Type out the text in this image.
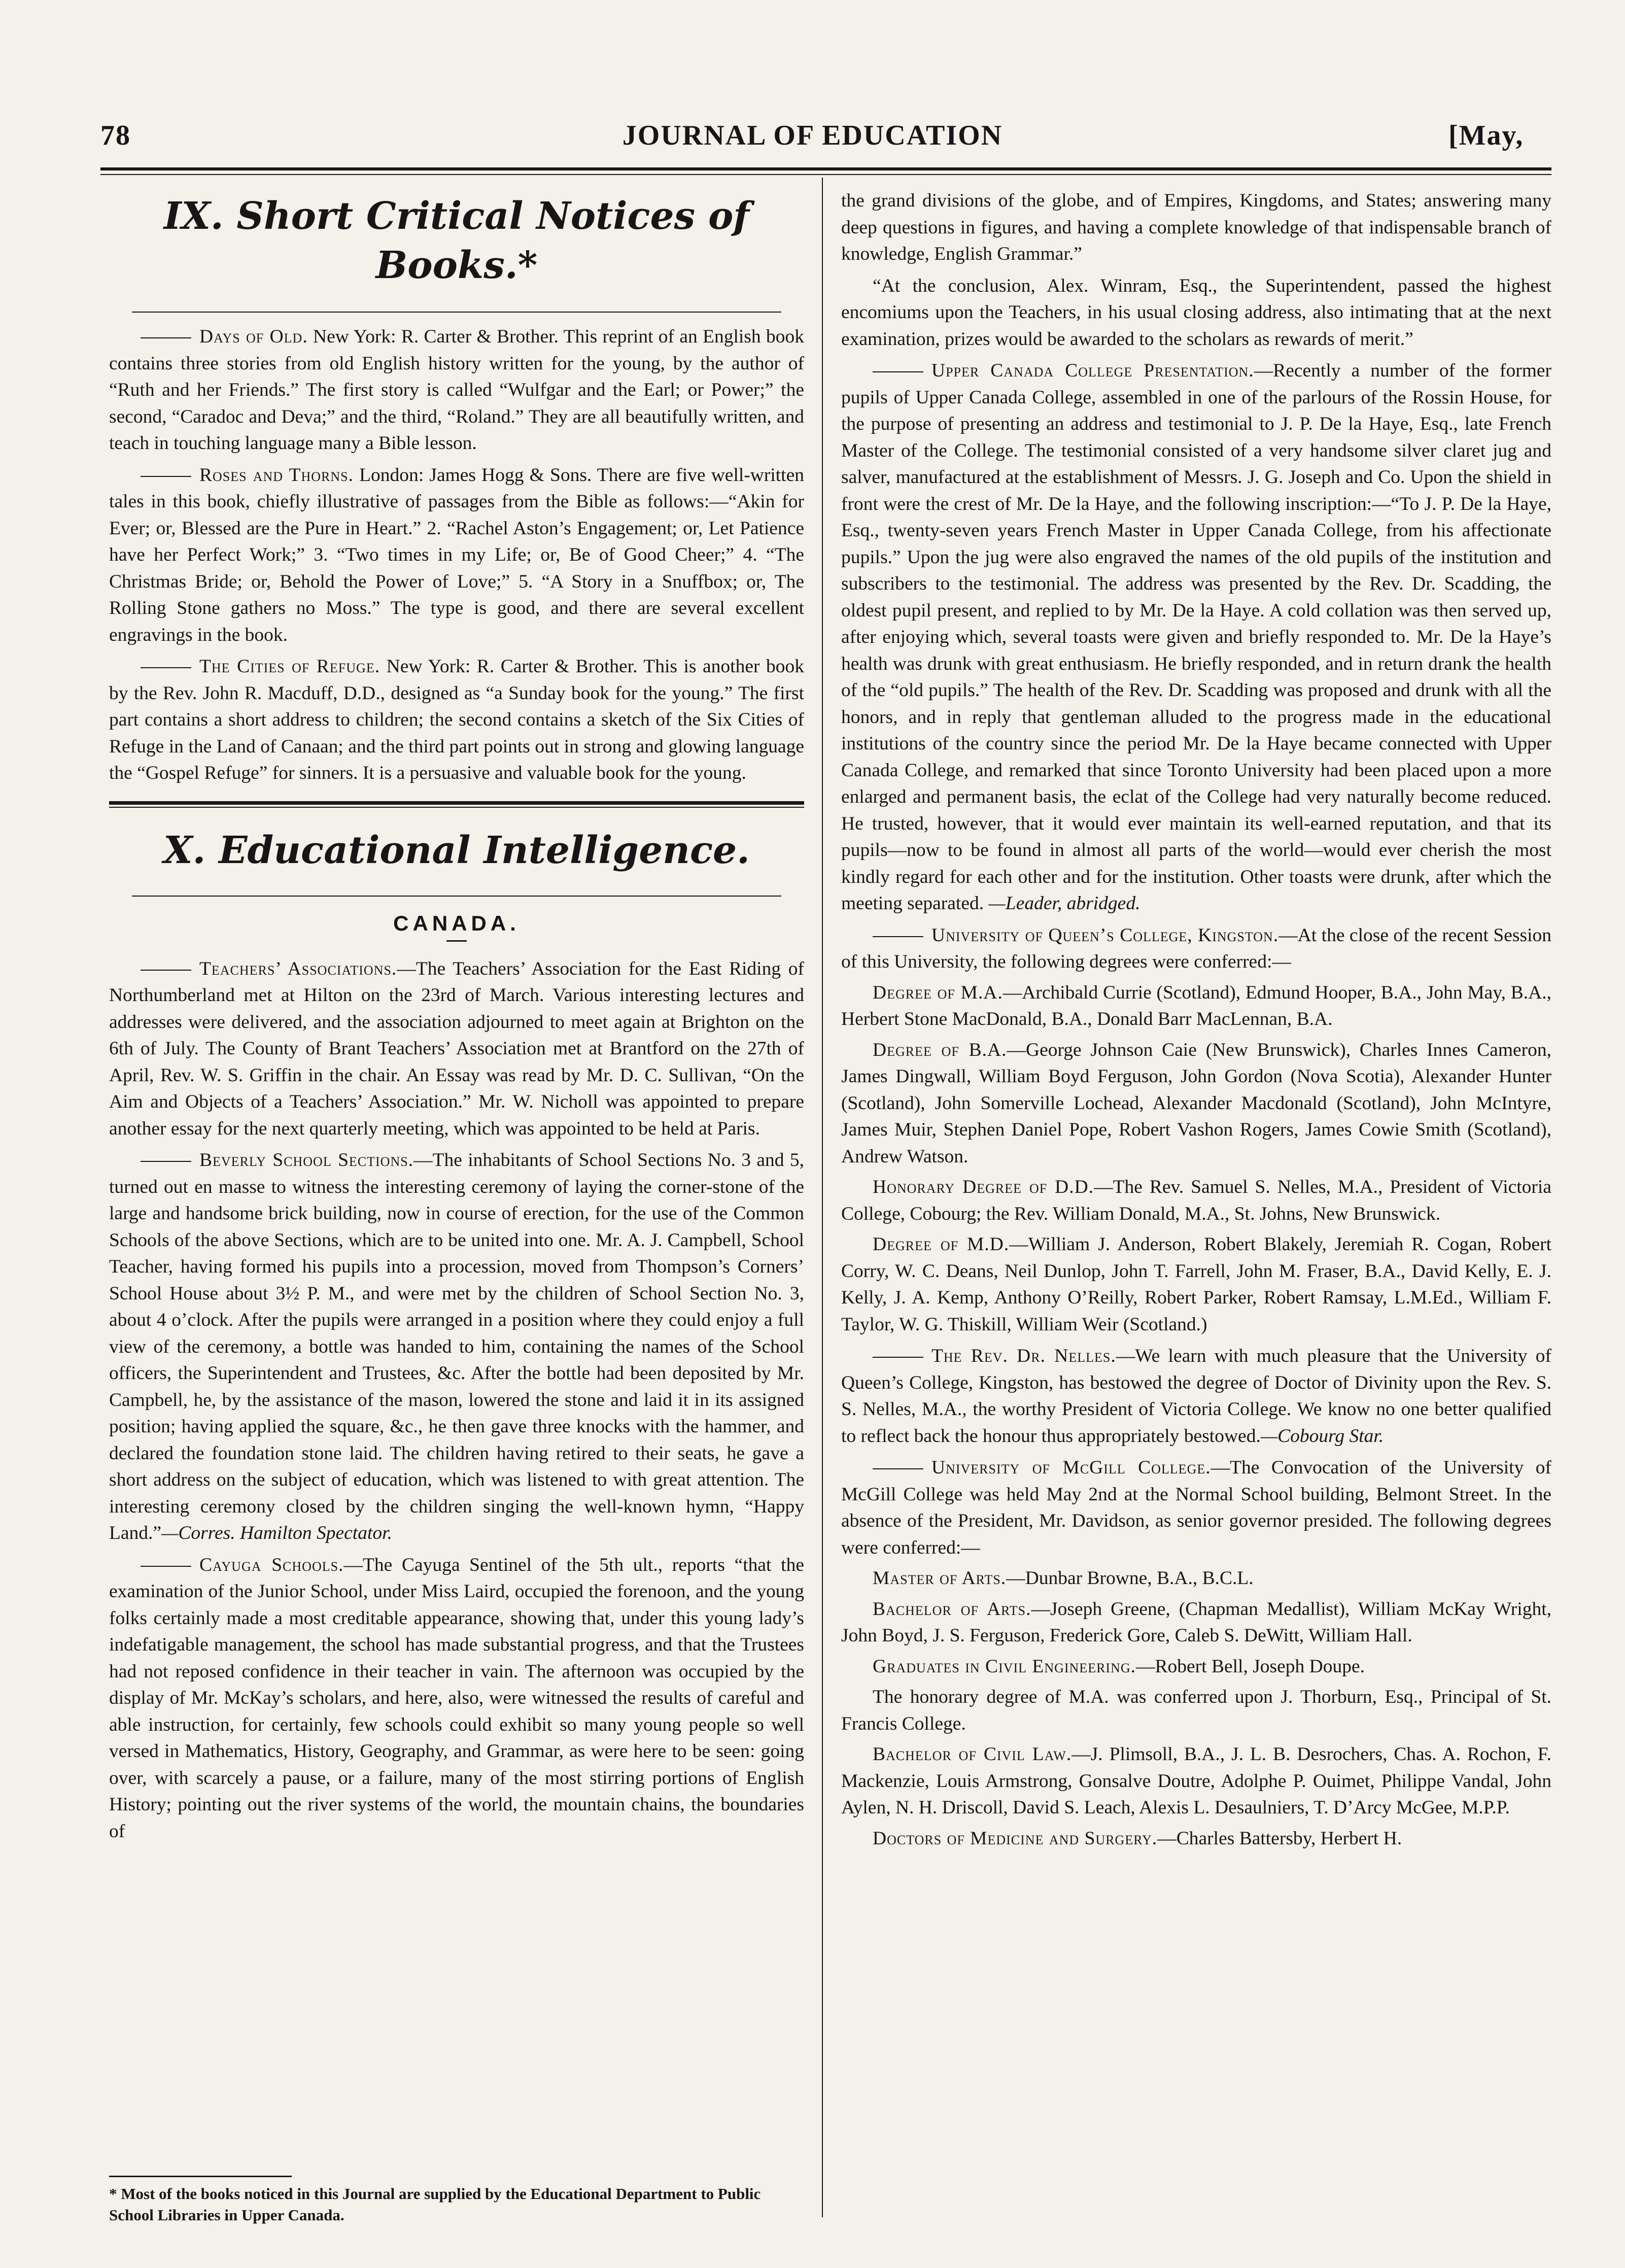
78	JOURNAL OF EDUCATION	[May,
IX. Short Critical Notices of Books.*

Days of Old. New York: R. Carter & Brother. This reprint of an English book contains three stories from old English history written for the young, by the author of “Ruth and her Friends.” The first story is called “Wulfgar and the Earl; or Power;” the second, “Caradoc and Deva;” and the third, “Roland.” They are all beautifully written, and teach in touching language many a Bible lesson.

Roses and Thorns. London: James Hogg & Sons. There are five well-written tales in this book, chiefly illustrative of passages from the Bible as follows:—“Akin for Ever; or, Blessed are the Pure in Heart.” 2. “Rachel Aston’s Engagement; or, Let Patience have her Perfect Work;” 3. “Two times in my Life; or, Be of Good Cheer;” 4. “The Christmas Bride; or, Behold the Power of Love;” 5. “A Story in a Snuffbox; or, The Rolling Stone gathers no Moss.” The type is good, and there are several excellent engravings in the book.

The Cities of Refuge. New York: R. Carter & Brother. This is another book by the Rev. John R. Macduff, D.D., designed as “a Sunday book for the young.” The first part contains a short address to children; the second contains a sketch of the Six Cities of Refuge in the Land of Canaan; and the third part points out in strong and glowing language the “Gospel Refuge” for sinners. It is a persuasive and valuable book for the young.

X. Educational Intelligence.
CANADA.

Teachers’ Associations.—The Teachers’ Association for the East Riding of Northumberland met at Hilton on the 23rd of March. Various interesting lectures and addresses were delivered, and the association adjourned to meet again at Brighton on the 6th of July. The County of Brant Teachers’ Association met at Brantford on the 27th of April, Rev. W. S. Griffin in the chair. An Essay was read by Mr. D. C. Sullivan, “On the Aim and Objects of a Teachers’ Association.” Mr. W. Nicholl was appointed to prepare another essay for the next quarterly meeting, which was appointed to be held at Paris.

Beverly School Sections.—The inhabitants of School Sections No. 3 and 5, turned out en masse to witness the interesting ceremony of laying the corner-stone of the large and handsome brick building, now in course of erection, for the use of the Common Schools of the above Sections, which are to be united into one. Mr. A. J. Campbell, School Teacher, having formed his pupils into a procession, moved from Thompson’s Corners’ School House about 3½ P. M., and were met by the children of School Section No. 3, about 4 o’clock. After the pupils were arranged in a position where they could enjoy a full view of the ceremony, a bottle was handed to him, containing the names of the School officers, the Superintendent and Trustees, &c. After the bottle had been deposited by Mr. Campbell, he, by the assistance of the mason, lowered the stone and laid it in its assigned position; having applied the square, &c., he then gave three knocks with the hammer, and declared the foundation stone laid. The children having retired to their seats, he gave a short address on the subject of education, which was listened to with great attention. The interesting ceremony closed by the children singing the well-known hymn, “Happy Land.”—Corres. Hamilton Spectator.

Cayuga Schools.—The Cayuga Sentinel of the 5th ult., reports “that the examination of the Junior School, under Miss Laird, occupied the forenoon, and the young folks certainly made a most creditable appearance, showing that, under this young lady’s indefatigable management, the school has made substantial progress, and that the Trustees had not reposed confidence in their teacher in vain. The afternoon was occupied by the display of Mr. McKay’s scholars, and here, also, were witnessed the results of careful and able instruction, for certainly, few schools could exhibit so many young people so well versed in Mathematics, History, Geography, and Grammar, as were here to be seen: going over, with scarcely a pause, or a failure, many of the most stirring portions of English History; pointing out the river systems of the world, the mountain chains, the boundaries of

* Most of the books noticed in this Journal are supplied by the Educational Department to Public School Libraries in Upper Canada.

the grand divisions of the globe, and of Empires, Kingdoms, and States; answering many deep questions in figures, and having a complete knowledge of that indispensable branch of knowledge, English Grammar.”

“At the conclusion, Alex. Winram, Esq., the Superintendent, passed the highest encomiums upon the Teachers, in his usual closing address, also intimating that at the next examination, prizes would be awarded to the scholars as rewards of merit.”

Upper Canada College Presentation.—Recently a number of the former pupils of Upper Canada College, assembled in one of the parlours of the Rossin House, for the purpose of presenting an address and testimonial to J. P. De la Haye, Esq., late French Master of the College. The testimonial consisted of a very handsome silver claret jug and salver, manufactured at the establishment of Messrs. J. G. Joseph and Co. Upon the shield in front were the crest of Mr. De la Haye, and the following inscription:—“To J. P. De la Haye, Esq., twenty-seven years French Master in Upper Canada College, from his affectionate pupils.” Upon the jug were also engraved the names of the old pupils of the institution and subscribers to the testimonial. The address was presented by the Rev. Dr. Scadding, the oldest pupil present, and replied to by Mr. De la Haye. A cold collation was then served up, after enjoying which, several toasts were given and briefly responded to. Mr. De la Haye’s health was drunk with great enthusiasm. He briefly responded, and in return drank the health of the “old pupils.” The health of the Rev. Dr. Scadding was proposed and drunk with all the honors, and in reply that gentleman alluded to the progress made in the educational institutions of the country since the period Mr. De la Haye became connected with Upper Canada College, and remarked that since Toronto University had been placed upon a more enlarged and permanent basis, the eclat of the College had very naturally become reduced. He trusted, however, that it would ever maintain its well-earned reputation, and that its pupils—now to be found in almost all parts of the world—would ever cherish the most kindly regard for each other and for the institution. Other toasts were drunk, after which the meeting separated. —Leader, abridged.

University of Queen’s College, Kingston.—At the close of the recent Session of this University, the following degrees were conferred:—

Degree of M.A.—Archibald Currie (Scotland), Edmund Hooper, B.A., John May, B.A., Herbert Stone MacDonald, B.A., Donald Barr MacLennan, B.A.

Degree of B.A.—George Johnson Caie (New Brunswick), Charles Innes Cameron, James Dingwall, William Boyd Ferguson, John Gordon (Nova Scotia), Alexander Hunter (Scotland), John Somerville Lochead, Alexander Macdonald (Scotland), John McIntyre, James Muir, Stephen Daniel Pope, Robert Vashon Rogers, James Cowie Smith (Scotland), Andrew Watson.

Honorary Degree of D.D.—The Rev. Samuel S. Nelles, M.A., President of Victoria College, Cobourg; the Rev. William Donald, M.A., St. Johns, New Brunswick.

Degree of M.D.—William J. Anderson, Robert Blakely, Jeremiah R. Cogan, Robert Corry, W. C. Deans, Neil Dunlop, John T. Farrell, John M. Fraser, B.A., David Kelly, E. J. Kelly, J. A. Kemp, Anthony O’Reilly, Robert Parker, Robert Ramsay, L.M.Ed., William F. Taylor, W. G. Thiskill, William Weir (Scotland.)

The Rev. Dr. Nelles.—We learn with much pleasure that the University of Queen’s College, Kingston, has bestowed the degree of Doctor of Divinity upon the Rev. S. S. Nelles, M.A., the worthy President of Victoria College. We know no one better qualified to reflect back the honour thus appropriately bestowed.—Cobourg Star.

University of McGill College.—The Convocation of the University of McGill College was held May 2nd at the Normal School building, Belmont Street. In the absence of the President, Mr. Davidson, as senior governor presided. The following degrees were conferred:—

Master of Arts.—Dunbar Browne, B.A., B.C.L.

Bachelor of Arts.—Joseph Greene, (Chapman Medallist), William McKay Wright, John Boyd, J. S. Ferguson, Frederick Gore, Caleb S. DeWitt, William Hall.

Graduates in Civil Engineering.—Robert Bell, Joseph Doupe.

The honorary degree of M.A. was conferred upon J. Thorburn, Esq., Principal of St. Francis College.

Bachelor of Civil Law.—J. Plimsoll, B.A., J. L. B. Desrochers, Chas. A. Rochon, F. Mackenzie, Louis Armstrong, Gonsalve Doutre, Adolphe P. Ouimet, Philippe Vandal, John Aylen, N. H. Driscoll, David S. Leach, Alexis L. Desaulniers, T. D’Arcy McGee, M.P.P.

Doctors of Medicine and Surgery.—Charles Battersby, Herbert H.
